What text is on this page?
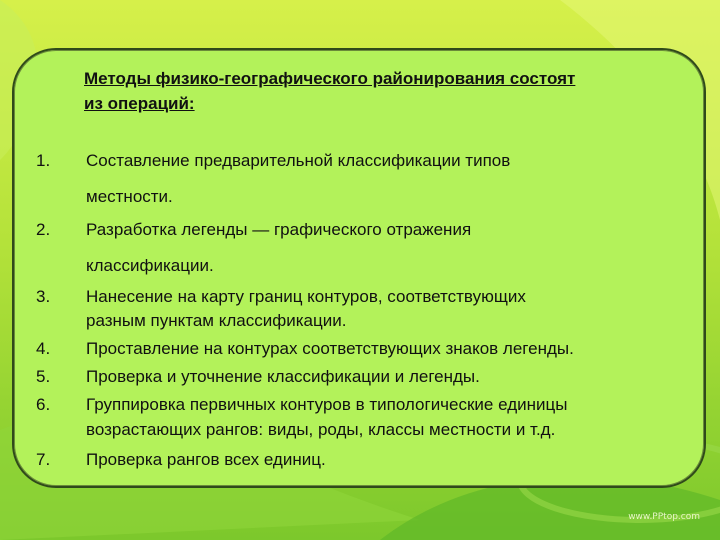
Методы физико-географического районирования состоят
из операций:
1.	Составление предварительной классификации типов
местности.
2.	Разработка легенды — графического отражения
классификации.
3.	Нанесение на карту границ контуров, соответствующих
разным пунктам классификации.
4.	Проставление на контурах соответствующих знаков легенды.
5.	Проверка и уточнение классификации и легенды.
6.	Группировка первичных контуров в типологические единицы
возрастающих рангов: виды, роды, классы местности и т.д.
7.	Проверка рангов всех единиц.
www.PPtop.com
